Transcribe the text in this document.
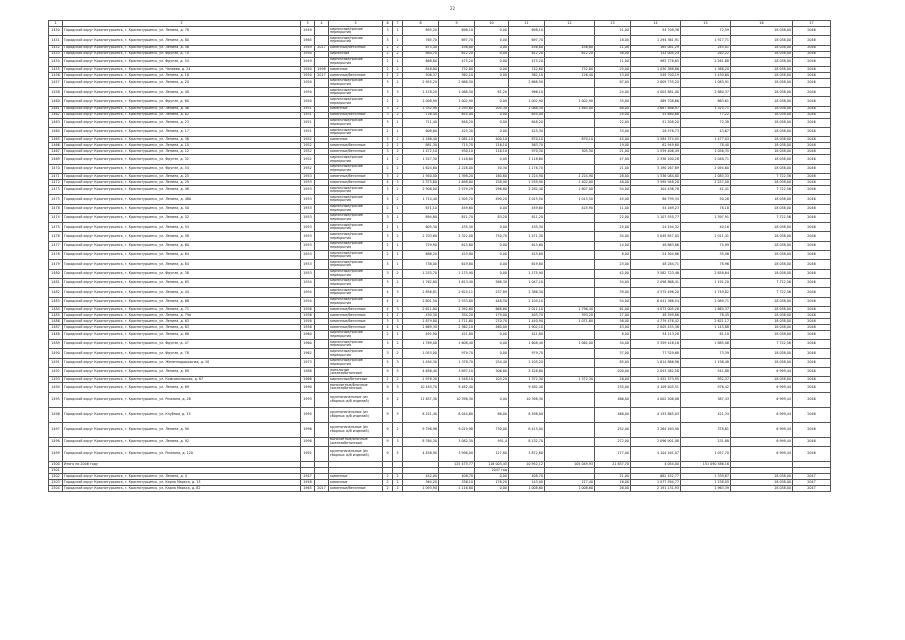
22
1	2	3	4	5	6	7	8	9	10	11	12	13	14	15	16	17	
1450	Городской округ Краснотурьинск, г. Краснотурьинск, ул. Ленина, д. 78	1949		кирпичные/прочие перекрытия	3	1	895,20	698,10	0,00	698,10		21,00	54 709,38	72,59	18 038,00	2046	
1451	Городской округ Краснотурьинск, г. Краснотурьинск, ул. Ленина, д. 80	1965		кирпичные/прочие перекрытия	3	1	765,70	697,70	0,00	697,70		18,00	1 294 361,91	1 917,71	18 038,00	2046	
1452	Городской округ Краснотурьинск, г. Краснотурьинск, ул. Ленина, д. 56	1949	2017	каменные/бетонные	2	2	675,40	456,80	0,00	456,80	456,80	11,00	185 081,29	245,01	18 038,00	2046	
1453	Городской округ Краснотурьинск, г. Краснотурьинск, ул. Фрунзе, д. 70	1950		кирпичные	2	2	880,70	612,20	0,00	612,20	612,20	36,00	152 004,24	262,22	18 038,00	2046	
1454	Городской округ Краснотурьинск, г. Краснотурьинск, ул. Фрунзе, д. 54	1949		кирпичные/прочие перекрытия	2	1	668,80	475,20	0,00	475,20		11,00	983 776,65	2 261,88	18 038,00	2046	
1455	Городской округ Краснотурьинск, г. Краснотурьинск, ул. Чапаева, д. 24	1950	1998	каменные	2	2	816,80	732,80	0,00	742,60	732,80	25,00	1 030 388,86	1 388,20	18 038,00	2046	
1456	Городской округ Краснотурьинск, г. Краснотурьинск, ул. Ленина, д. 16	1950	2017	каменные/бетонные	2	2	506,37	362,10	0,00	362,10	226,40	13,00	549 700,19	1 430,60	18 038,00	2046	
1457	Городской округ Краснотурьинск, г. Краснотурьинск, ул. Ленина, д. 20	1950		кирпичные/прочие перекрытия	3	2	2 955,20	2 668,50		2 668,50		67,00	2 809 735,20	1 083,91	18 038,00	2046	
1458	Городской округ Краснотурьинск, г. Краснотурьинск, ул. Ленина, д. 40	1950		кирпичные/прочие перекрытия	3	3	1 478,20	1 068,50	61,20	986,10		24,00	4 003 881,00	2 880,37	18 038,00	2046	
1460	Городской округ Краснотурьинск, г. Краснотурьинск, ул. Фрунзе, д. 60	1950		кирпичные/прочие перекрытия	2	2	1 008,90	1 002,90	0,00	1 002,90	1 002,90	35,00	489 708,66	663,61	18 038,00	2046	
1461	Городской округ Краснотурьинск, г. Краснотурьинск, ул. Ленина, д. 46	1951		каменные	3	2	2 532,90	2 293,60	205,30	2 088,30	1 465,00	88,00	2 687 886,97	1 325,71	18 038,00	2046	
1462	Городской округ Краснотурьинск, г. Краснотурьинск, ул. Ленина, д. 82	1951		каменные/бетонные	3	2	726,40	654,00	0,00	654,00		24,00	54 680,68	77,22	18 038,00	2046	
1463	Городской округ Краснотурьинск, г. Краснотурьинск, ул. Ленина, д. 23	1951		кирпичные/прочие перекрытия	3	1	711,40	648,20	0,00	648,20		22,00	51 508,20	72,38	18 038,00	2046	
1464	Городской округ Краснотурьинск, г. Краснотурьинск, ул. Ленина, д. 17	1951		кирпичные/прочие перекрытия	2	1	608,60	425,30	0,00	425,30		33,00	26 576,73	43,67	18 038,00	2046	
1465	Городской округ Краснотурьинск, г. Краснотурьинск, ул. Ленина, д. 36	1952		каменные	3	2	1 186,40	1 081,10	400,10	870,10	870,10	45,00	1 584 374,05	1 477,03	18 038,00	2046	
1466	Городской округ Краснотурьинск, г. Краснотурьинск, ул. Ленина, д. 10	1952		каменные/бетонные	2	2	881,30	715,70	116,10	563,70		19,00	62 949,60	78,40	18 038,00	2046	
1467	Городской округ Краснотурьинск, г. Краснотурьинск, ул. Ленина, д. 12	1952		каменные/бетонные	3	2	1 472,10	930,10	116,10	970,30	305,50	21,00	1 539 406,49	1 056,35	18 038,00	2046	
1469	Городской округ Краснотурьинск, г. Краснотурьинск, ул. Фрунзе, д. 32	1952		кирпичные/прочие перекрытия	2	2	1 527,30	1 118,60	0,00	1 118,60		47,00	2 338 100,28	2 048,71	18 038,00	2046	
1470	Городской округ Краснотурьинск, г. Краснотурьинск, ул. Фрунзе, д. 34	1952		кирпичные/прочие перекрытия	2	2	1 624,60	1 228,00	50,30	1 178,70		21,00	3 190 267,89	2 094,60	18 038,00	2046	
1471	Городской округ Краснотурьинск, г. Краснотурьинск, ул. Ленина, д. 25	1953		каменные/бетонные	3	2	1 940,00	1 398,20	160,60	1 224,90	1 224,90	28,00	1 336 084,80	1 083,33	7 722,56	2046	
1472	Городской округ Краснотурьинск, г. Краснотурьинск, ул. Ленина, д. 29	1953		каменные/бетонные	4	3	2 375,80	1 698,80	158,90	1 539,90	1 402,00	48,00	3 595 948,28	2 257,00	18 038,00	2046	
1473	Городской округ Краснотурьинск, г. Краснотурьинск, ул. Ленина, д. 48	1953		кирпичные/прочие перекрытия	3	2	2 908,00	2 579,29	296,80	2 282,40	1 807,00	54,00	104 436,78	41,41	7 722,56	2046	
1475	Городской округ Краснотурьинск, г. Краснотурьинск, ул. Ленина, д. 48А	1953		кирпичные/прочие перекрытия	3	2	1 714,40	1 505,70	490,20	1 015,50	1 015,50	45,00	86 799,34	50,26	18 038,00	2046	
1476	Городской округ Краснотурьинск, г. Краснотурьинск, ул. Ленина, д. 50	1953		кирпичные/прочие перекрытия	2	1	671,10	459,60	0,00	459,60	425,90	11,00	54 169,23	78,18	18 038,00	2046	
1474	Городской округ Краснотурьинск, г. Краснотурьинск, ул. Ленина, д. 52	1953		кирпичные/прочие перекрытия	3	1	894,60	811,70	83,20	811,20		22,00	1 107 555,77	1 397,91	7 722,56	2046	
1475	Городской округ Краснотурьинск, г. Краснотурьинск, ул. Ленина, д. 54	1953		кирпичные/прочие перекрытия	2	1	605,30	435,30	0,00	435,30		25,00	24 194,32	40,16	18 038,00	2046	
1476	Городской округ Краснотурьинск, г. Краснотурьинск, ул. Ленина, д. 58	1953		кирпичные/прочие перекрытия	3	2	2 703,60	2 322,00	750,70	1 571,30		34,00	5 049 857,05	2 011,41	18 038,00	2046	
1477	Городской округ Краснотурьинск, г. Краснотурьинск, ул. Ленина, д. 60	1953		кирпичные/прочие перекрытия	2	1	729,90	615,60	0,00	615,60		14,00	48 863,86	74,99	18 038,00	2046	
1478	Городской округ Краснотурьинск, г. Краснотурьинск, ул. Ленина, д. 64	1953		кирпичные/прочие перекрытия	2	1	686,20	425,80	0,00	425,80		8,00	24 304,86	35,56	18 038,00	2046	
1479	Городской округ Краснотурьинск, г. Краснотурьинск, ул. Ленина, д. 84	1953		кирпичные/прочие перекрытия	3	1	738,00	619,80	0,00	619,80		23,00	48 284,71	78,96	18 038,00	2046	
1480	Городской округ Краснотурьинск, г. Краснотурьинск, ул. Фрунзе, д. 38	1953		кирпичные/прочие перекрытия	3	2	1 253,70	1 175,90	0,00	1 175,90		42,00	3 582 723,46	2 858,64	18 038,00	2046	
1481	Городской округ Краснотурьинск, г. Краснотурьинск, ул. Ленина, д. 65	1954		кирпичные/прочие перекрытия	3	2	1 762,80	1 613,40	566,30	1 047,10		34,00	2 098 868,41	1 191,20	7 722,56	2046	
1482	Городской округ Краснотурьинск, г. Краснотурьинск, ул. Ленина, д. 44	1954		кирпичные/прочие перекрытия	4	3	2 856,81	2 624,11	237,89	2 386,30		39,00	4 575 496,20	1 749,82	7 722,56	2046	
1483	Городской округ Краснотурьинск, г. Краснотурьинск, ул. Ленина, д. 68	1954		кирпичные/прочие перекрытия	4	4	2 801,50	2 553,60	448,50	2 105,10		54,00	6 041 366,54	2 089,71	18 038,00	2046	
1484	Городской округ Краснотурьинск, г. Краснотурьинск, ул. Ленина, д. 71	1956		каменные/бетонные	4	3	2 611,80	2 392,60	668,60	2 011,10	1 796,40	61,00	4 073 005,26	1 665,37	18 038,00	2046	
1485	Городской округ Краснотурьинск, г. Краснотурьинск, ул. Ленина, д. 79а	1956		каменные/бетонные	2	1	430,30	354,20	179,00	405,70	393,20	27,00	48 599,86	78,45	18 038,00	2046	
1486	Городской округ Краснотурьинск, г. Краснотурьинск, ул. Ленина, д. 63	1956		каменные/бетонные	3	3	1 879,80	1 711,60	270,70	1 440,90	1 071,60	56,00	4 779 476,42	2 621,17	18 038,00	2046	
1487	Городской округ Краснотурьинск, г. Краснотурьинск, ул. Ленина, д. 83	1956		каменные/бетонные	4	4	2 669,30	2 362,10	460,00	1 902,10		43,00	2 005 433,36	1 143,88	18 038,00	2046	
1488	Городской округ Краснотурьинск, г. Краснотурьинск, ул. Ленина, д. 86	1960		кирпичные/прочие перекрытия	2	1	492,90	421,80	0,00	421,80		8,00	34 213,28	61,10	18 038,00	2046	
1489	Городской округ Краснотурьинск, г. Краснотурьинск, ул. Фрунзе, д. 47	1960		кирпичные/прочие перекрытия	3	2	1 789,00	1 608,40	0,00	1 608,40	1 062,00	34,00	3 359 416,16	1 885,06	7 722,56	2046	
1490	Городской округ Краснотурьинск, г. Краснотурьинск, ул. Фрунзе, д. 78	1962		кирпичные/прочие перекрытия	3	2	1 053,00	979,70	0,00	979,70		37,00	77 329,68	73,39	18 038,00	2046	
1491	Городской округ Краснотурьинск, г. Краснотурьинск, ул. Железнодорожная, д. 10	1973		кирпичные/прочие перекрытия	5	3	1 494,30	1 378,70	254,40	1 105,20		85,00	1 614 886,96	1 198,48	18 038,00	2046	
1492	Городской округ Краснотурьинск, г. Краснотурьинск, ул. Ленина, д. 89	1988		панельные (железобетонные)	9	5	4 656,40	3 697,10	306,80	3 428,80		200,00	2 043 362,58	541,88	6 999,44	2046	
1493	Городской округ Краснотурьинск, г. Краснотурьинск, ул. Комсомольская, д. 67	1968		кирпичные/бетонные	2	2	1 976,30	1 548,10	103,20	1 372,30	1 372,30	28,00	1 452 573,95	952,37	18 038,00	2046	
1494	Городской округ Краснотурьинск, г. Краснотурьинск, ул. Ленина, д. 69	1990		монолитные/блочные (железобетонные)	9	3	10 183,70	9 482,40		9 482,40		235,00	4 109 405,51	976,42	6 999,44	2046	
1495	Городской округ Краснотурьинск, г. Краснотурьинск, ул. Ричмана, д. 28	1993		крупнопанельные (из сборных ж/б изделий)	9	2	11 637,30	10 398,30	0,00	10 398,30		466,00	4 002 508,08	387,43	6 999,44	2046	
1496	Городской округ Краснотурьинск, г. Краснотурьинск, ул. Клубная, д. 15	1995		крупнопанельные (из сборных ж/б изделий)	9	3	8 251,40	8 044,60	66,00	8 598,00		466,00	4 153 865,03	421,34	6 999,44	2046	
1497	Городской округ Краснотурьинск, г. Краснотурьинск, ул. Ленина, д. 90	1996		крупнопанельные (из сборных ж/б изделий)	9	2	9 798,98	9 019,98	730,00	8 415,00		252,00	3 264 163,90	378,61	6 999,44	2046	
1498	Городской округ Краснотурьинск, г. Краснотурьинск, ул. Ленина, д. 92	1998		монолитные/блочные (железобетонные)	9	3	8 764,30	3 082,30	951,4	8 132,70		272,00	2 096 901,08	231,88	6 999,44	2046	
1499	Городской округ Краснотурьинск, г. Краснотурьинск, ул. Ричмана, д. 12А	1992		крупнопанельные (из сборных ж/б изделий)	9	5	4 458,90	3 998,00	127,80	3 872,60		177,00	4 104 161,07	1 057,70	6 999,44	2046	
1500	Итого по 2046 году							125 475,77	116 003,45	10 952,12	105 049,93	21 837,70	4 054,00	151 090 586,16				
1501									2047 год									
1502	Городской округ Краснотурьинск, г. Краснотурьинск, ул. Ленина, д. 4	1947		каменные	2	2	442,00	408,70	0,00	408,70		21,00	682 452,77	1 339,67	18 038,00	2047	
1503	Городской округ Краснотурьинск, г. Краснотурьинск, ул. Карла Маркса, д. 13	1948		каменные	2	2	364,20	336,10	176,20	143,00	217,40	16,00	1 077 594,77	2 238,05	18 038,00	2047	
1504	Городской округ Краснотурьинск, г. Краснотурьинск, ул. Карла Маркса, д. 82	1965	2017	каменные/бетонные	2	2	1 093,90	1 116,80	0,00	1 008,60	1 008,60	26,00	2 191 131,93	1 963,39	18 038,00	2047	
